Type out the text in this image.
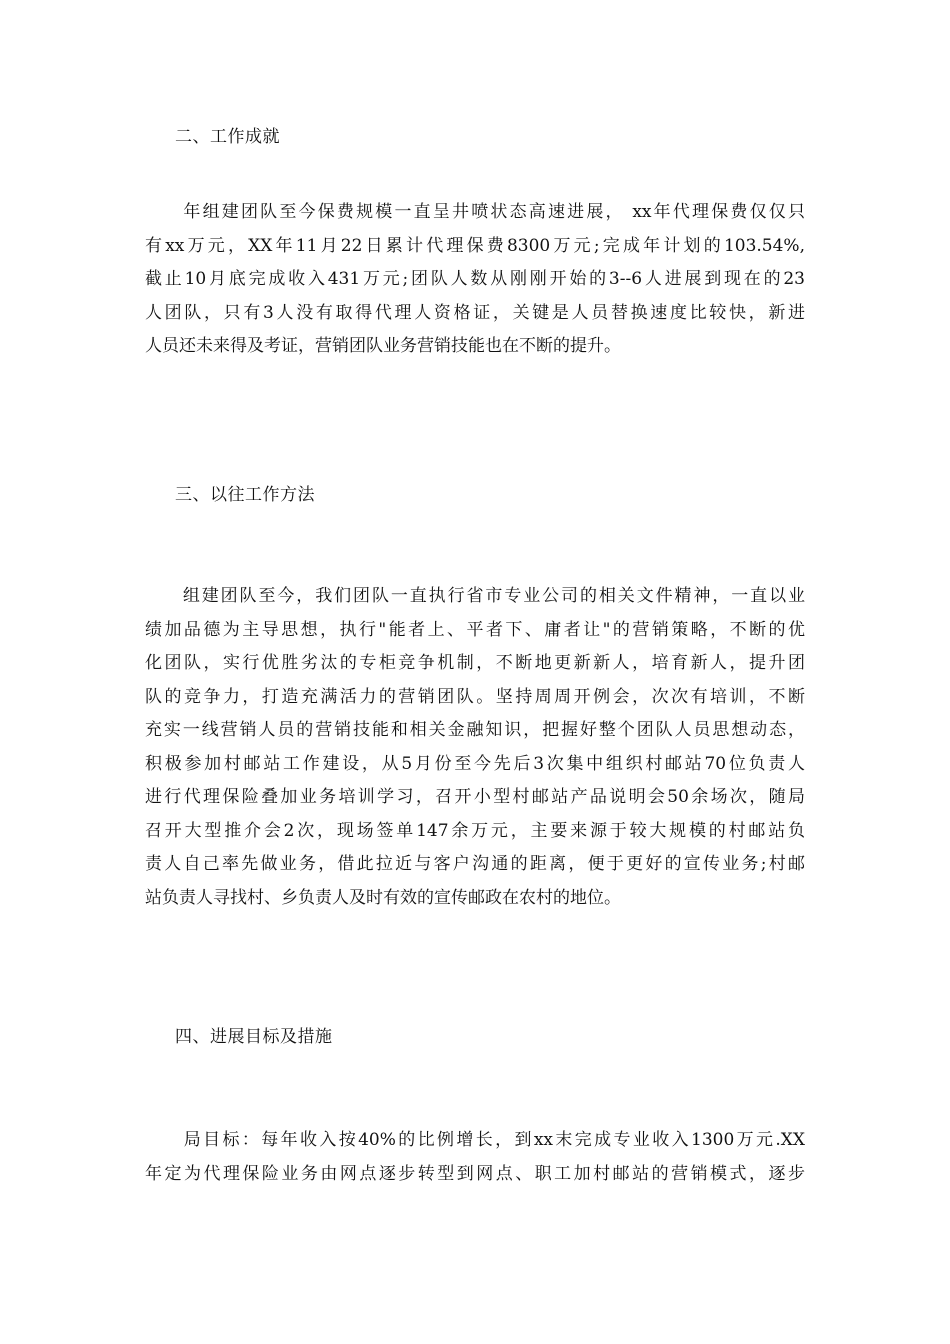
二、工作成就
　　年组建团队至今保费规模一直呈井喷状态高速进展， xx年代理保费仅仅只
有xx万元，XX年11月22日累计代理保费8300万元;完成年计划的103.54%,
截止10月底完成收入431万元;团队人数从刚刚开始的3--6人进展到现在的23
人团队，只有3人没有取得代理人资格证，关键是人员替换速度比较快，新进
人员还未来得及考证，营销团队业务营销技能也在不断的提升。
三、以往工作方法
　　组建团队至今，我们团队一直执行省市专业公司的相关文件精神，一直以业
绩加品德为主导思想，执行"能者上、平者下、庸者让"的营销策略，不断的优
化团队，实行优胜劣汰的专柜竞争机制，不断地更新新人，培育新人，提升团
队的竞争力，打造充满活力的营销团队。坚持周周开例会，次次有培训，不断
充实一线营销人员的营销技能和相关金融知识，把握好整个团队人员思想动态，
积极参加村邮站工作建设，从5月份至今先后3次集中组织村邮站70位负责人
进行代理保险叠加业务培训学习，召开小型村邮站产品说明会50余场次，随局
召开大型推介会2次，现场签单147余万元，主要来源于较大规模的村邮站负
责人自己率先做业务，借此拉近与客户沟通的距离，便于更好的宣传业务;村邮
站负责人寻找村、乡负责人及时有效的宣传邮政在农村的地位。
四、进展目标及措施
　　局目标：每年收入按40%的比例增长，到xx末完成专业收入1300万元.XX
年定为代理保险业务由网点逐步转型到网点、职工加村邮站的营销模式，逐步
